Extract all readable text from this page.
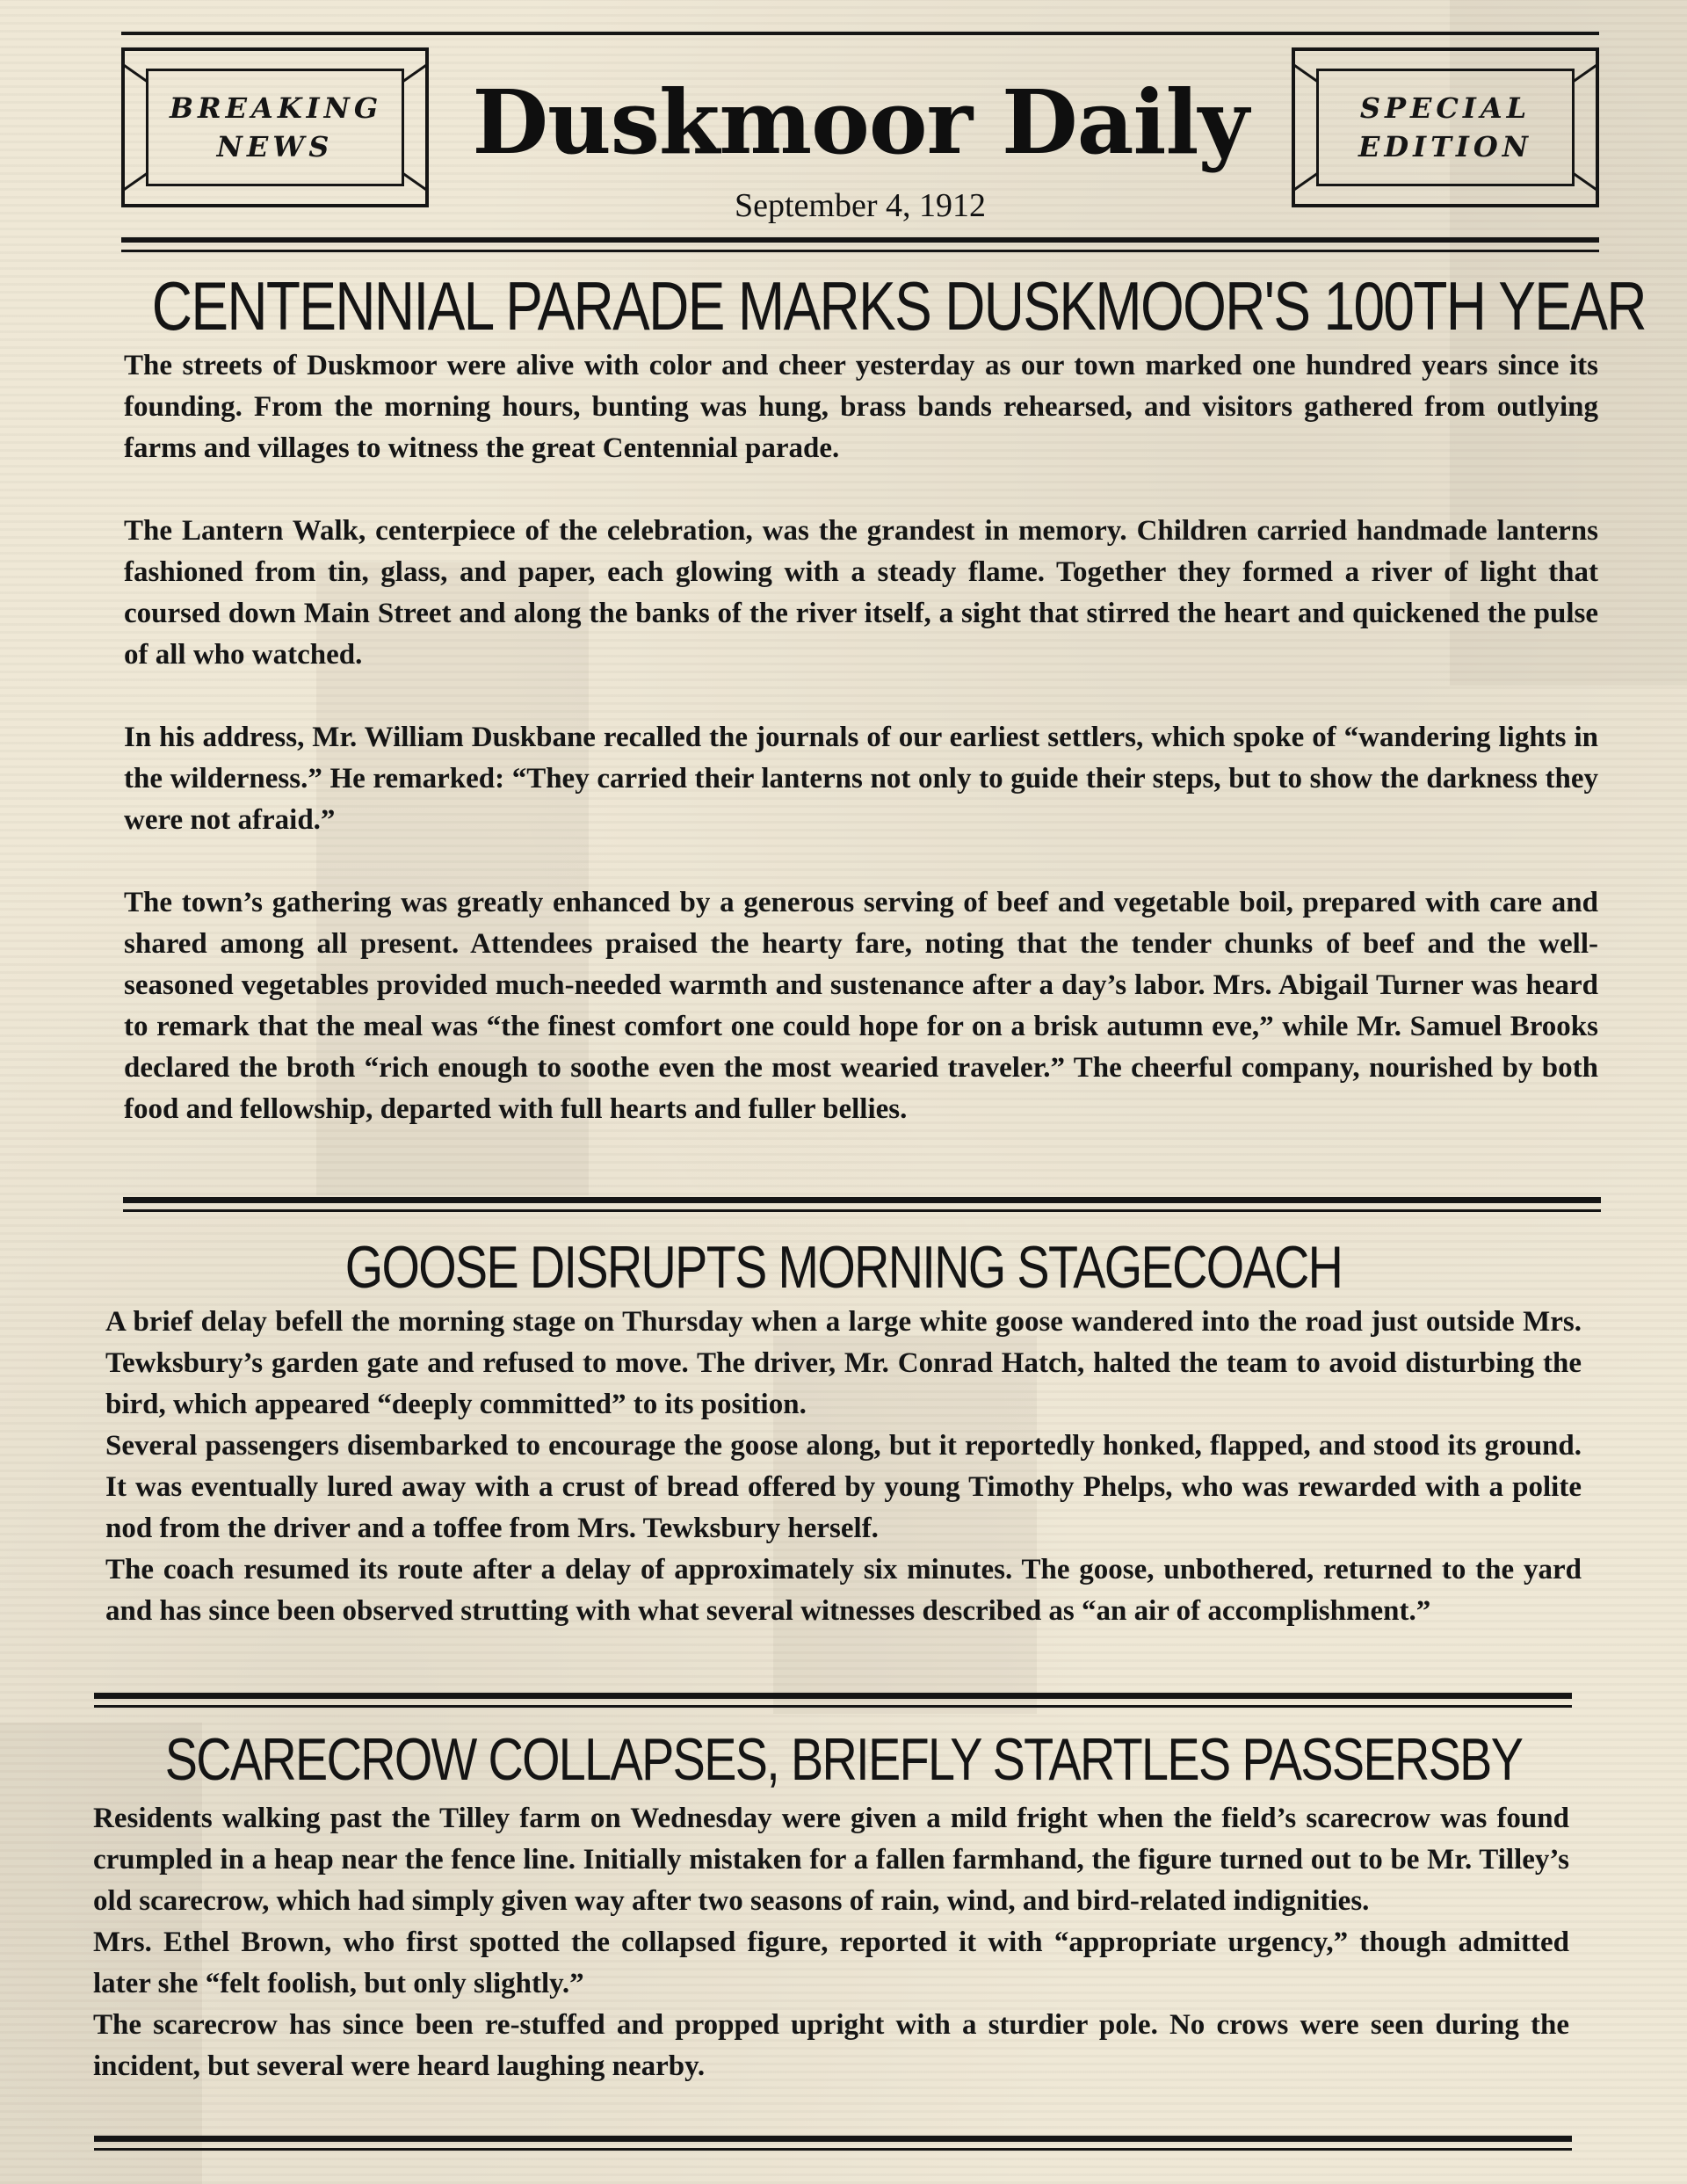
BREAKING NEWS	Duskmoor Daily
September 4, 1912
SPECIAL EDITION
CENTENNIAL PARADE MARKS DUSKMOOR'S 100TH YEAR

The streets of Duskmoor were alive with color and cheer yesterday as our town marked one hundred years since its founding. From the morning hours, bunting was hung, brass bands rehearsed, and visitors gathered from outlying farms and villages to witness the great Centennial parade.

The Lantern Walk, centerpiece of the celebration, was the grandest in memory. Children carried handmade lanterns fashioned from tin, glass, and paper, each glowing with a steady flame. Together they formed a river of light that coursed down Main Street and along the banks of the river itself, a sight that stirred the heart and quickened the pulse of all who watched.

In his address, Mr. William Duskbane recalled the journals of our earliest settlers, which spoke of “wandering lights in the wilderness.” He remarked: “They carried their lanterns not only to guide their steps, but to show the darkness they were not afraid.”

The town’s gathering was greatly enhanced by a generous serving of beef and vegetable boil, prepared with care and shared among all present. Attendees praised the hearty fare, noting that the tender chunks of beef and the well-seasoned vegetables provided much-needed warmth and sustenance after a day’s labor. Mrs. Abigail Turner was heard to remark that the meal was “the finest comfort one could hope for on a brisk autumn eve,” while Mr. Samuel Brooks declared the broth “rich enough to soothe even the most wearied traveler.” The cheerful company, nourished by both food and fellowship, departed with full hearts and fuller bellies.

GOOSE DISRUPTS MORNING STAGECOACH

A brief delay befell the morning stage on Thursday when a large white goose wandered into the road just outside Mrs. Tewksbury’s garden gate and refused to move. The driver, Mr. Conrad Hatch, halted the team to avoid disturbing the bird, which appeared “deeply committed” to its position.

Several passengers disembarked to encourage the goose along, but it reportedly honked, flapped, and stood its ground. It was eventually lured away with a crust of bread offered by young Timothy Phelps, who was rewarded with a polite nod from the driver and a toffee from Mrs. Tewksbury herself.

The coach resumed its route after a delay of approximately six minutes. The goose, unbothered, returned to the yard and has since been observed strutting with what several witnesses described as “an air of accomplishment.”

SCARECROW COLLAPSES, BRIEFLY STARTLES PASSERSBY

Residents walking past the Tilley farm on Wednesday were given a mild fright when the field’s scarecrow was found crumpled in a heap near the fence line. Initially mistaken for a fallen farmhand, the figure turned out to be Mr. Tilley’s old scarecrow, which had simply given way after two seasons of rain, wind, and bird-related indignities.

Mrs. Ethel Brown, who first spotted the collapsed figure, reported it with “appropriate urgency,” though admitted later she “felt foolish, but only slightly.”

The scarecrow has since been re-stuffed and propped upright with a sturdier pole. No crows were seen during the incident, but several were heard laughing nearby.
